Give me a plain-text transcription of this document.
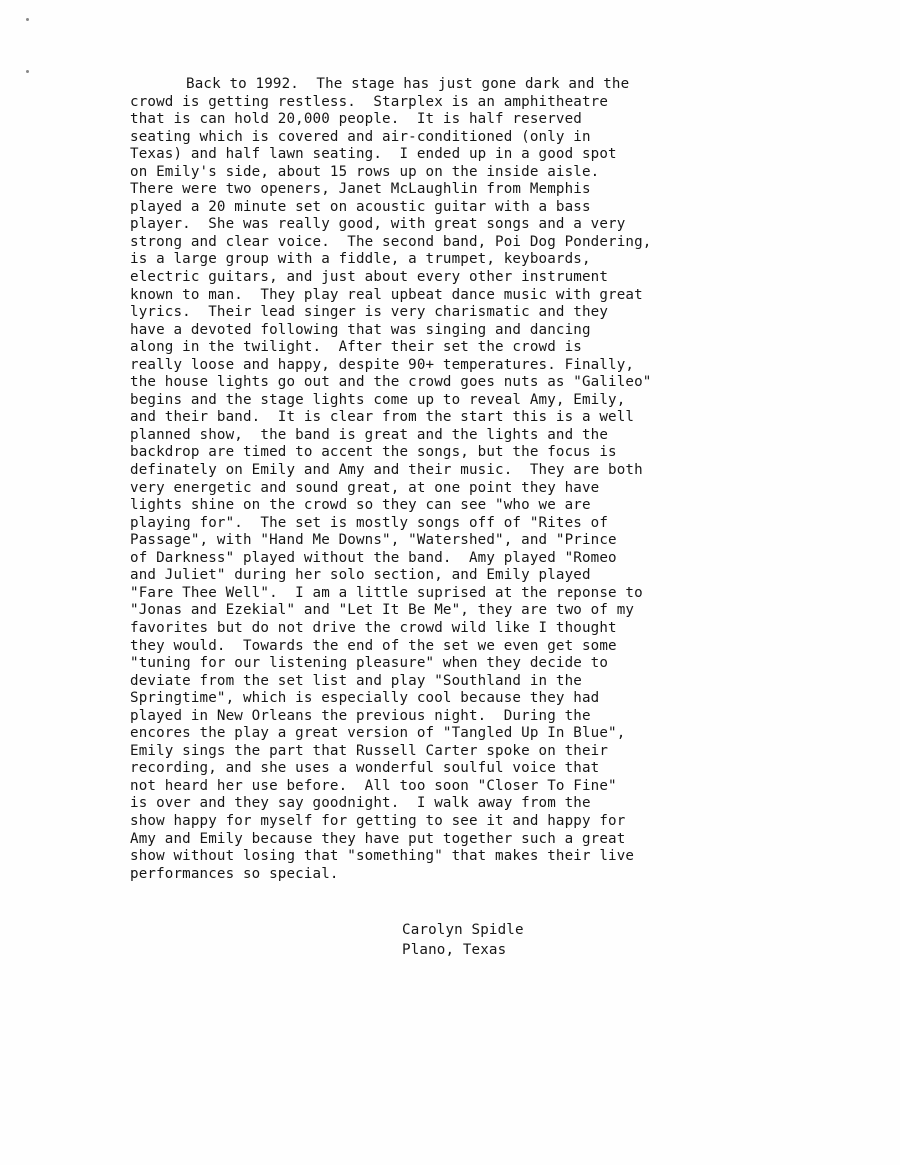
Back to 1992.  The stage has just gone dark and the
crowd is getting restless.  Starplex is an amphitheatre
that is can hold 20,000 people.  It is half reserved
seating which is covered and air-conditioned (only in
Texas) and half lawn seating.  I ended up in a good spot
on Emily's side, about 15 rows up on the inside aisle.
There were two openers, Janet McLaughlin from Memphis
played a 20 minute set on acoustic guitar with a bass
player.  She was really good, with great songs and a very
strong and clear voice.  The second band, Poi Dog Pondering,
is a large group with a fiddle, a trumpet, keyboards,
electric guitars, and just about every other instrument
known to man.  They play real upbeat dance music with great
lyrics.  Their lead singer is very charismatic and they
have a devoted following that was singing and dancing
along in the twilight.  After their set the crowd is
really loose and happy, despite 90+ temperatures. Finally,
the house lights go out and the crowd goes nuts as "Galileo"
begins and the stage lights come up to reveal Amy, Emily,
and their band.  It is clear from the start this is a well
planned show,  the band is great and the lights and the
backdrop are timed to accent the songs, but the focus is
definately on Emily and Amy and their music.  They are both
very energetic and sound great, at one point they have
lights shine on the crowd so they can see "who we are
playing for".  The set is mostly songs off of "Rites of
Passage", with "Hand Me Downs", "Watershed", and "Prince
of Darkness" played without the band.  Amy played "Romeo
and Juliet" during her solo section, and Emily played
"Fare Thee Well".  I am a little suprised at the reponse to
"Jonas and Ezekial" and "Let It Be Me", they are two of my
favorites but do not drive the crowd wild like I thought
they would.  Towards the end of the set we even get some
"tuning for our listening pleasure" when they decide to
deviate from the set list and play "Southland in the
Springtime", which is especially cool because they had
played in New Orleans the previous night.  During the
encores the play a great version of "Tangled Up In Blue",
Emily sings the part that Russell Carter spoke on their
recording, and she uses a wonderful soulful voice that
not heard her use before.  All too soon "Closer To Fine"
is over and they say goodnight.  I walk away from the
show happy for myself for getting to see it and happy for
Amy and Emily because they have put together such a great
show without losing that "something" that makes their live
performances so special.
Carolyn Spidle
Plano, Texas
